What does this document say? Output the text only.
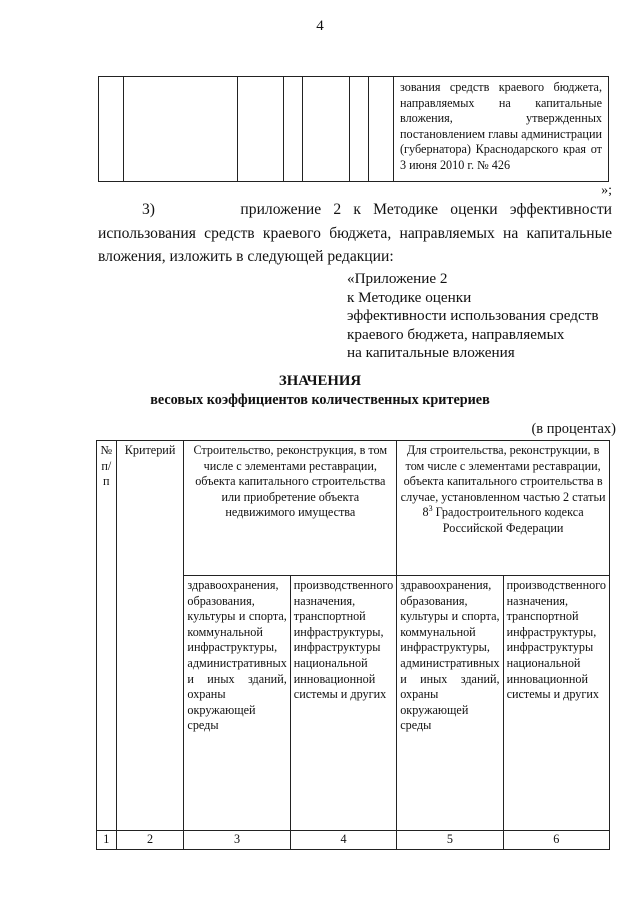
4
							зования средств краевого бюджета, направляемых на капитальные вложения, утвержденных постановлением главы администрации (губернатора) Краснодарского края от 3 июня 2010 г. № 426
»;
3)	приложение 2 к Методике оценки эффективности использования средств краевого бюджета, направляемых на капитальные вложения, изложить в следующей редакции:
«Приложение 2
к Методике оценки
эффективности использования средств
краевого бюджета, направляемых
на капитальные вложения
ЗНАЧЕНИЯ
весовых коэффициентов количественных критериев
(в процентах)
№ п/п	Критерий	Строительство, реконструкция, в том числе с элементами реставрации, объекта капитального строительства или приобретение объекта недвижимого имущества		Для строительства, реконструкции, в том числе с элементами реставрации, объекта капитального строительства в случае, установленном частью 2 статьи $8^3$ Градостроительного кодекса Российской Федерации	
		здравоохранения, образования, культуры и спорта, коммунальной инфраструктуры, административных и иных зданий, охраны окружающей среды	производственного назначения, транспортной инфраструктуры, инфраструктуры национальной инновационной системы и других	здравоохранения, образования, культуры и спорта, коммунальной инфраструктуры, административных и иных зданий, охраны окружающей среды	производственного назначения, транспортной инфраструктуры, инфраструктуры национальной инновационной системы и других
1	2	3	4	5	6
